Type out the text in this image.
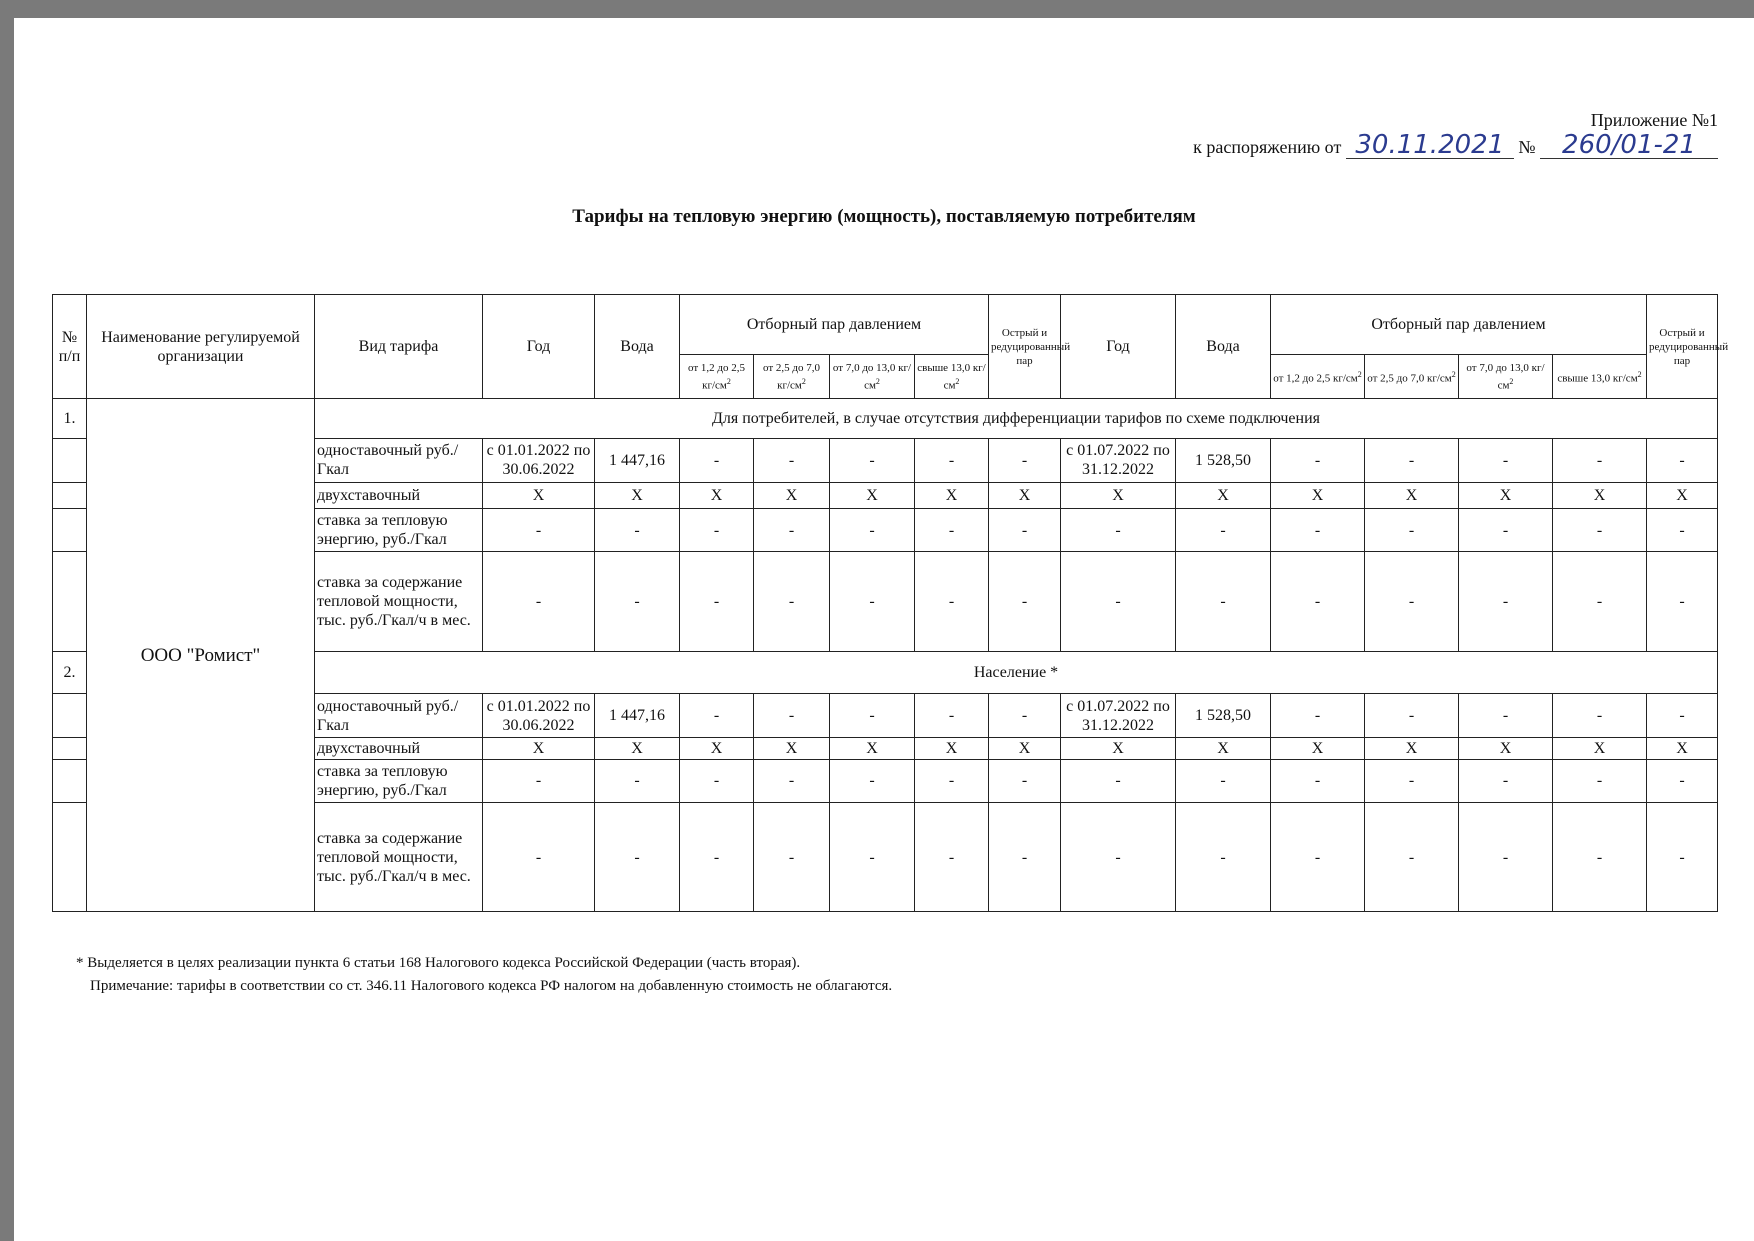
Приложение №1
к распоряжению от 30.11.2021 № 260/01-21
Тарифы на тепловую энергию (мощность), поставляемую потребителям
№ п/п	Наименование регулируемой организации	Вид тарифа	Год	Вода	Отборный пар давлением				Острый и редуцированный пар	Год	Вода	Отборный пар давлением				Острый и редуцированный пар
					от 1,2 до 2,5 $кг/см^2$	от 2,5 до 7,0 $кг/см^2$	от 7,0 до 13,0 $кг/см^2$	свыше 13,0 $кг/см^2$				от 1,2 до 2,5 $кг/см^2$	от 2,5 до 7,0 $кг/см^2$	от 7,0 до 13,0 $кг/см^2$	свыше 13,0 $кг/см^2$
1.	ООО "Ромист"	Для потребителей, в случае отсутствия дифференциации тарифов по схеме подключения														
		одноставочный руб./Гкал	с 01.01.2022 по 30.06.2022	1 447,16	-	-	-	-	-	с 01.07.2022 по 31.12.2022	1 528,50	-	-	-	-	-
		двухставочный	Х	Х	Х	Х	Х	Х	Х	Х	Х	Х	Х	Х	Х	Х
		ставка за тепловую энергию, руб./Гкал	-	-	-	-	-	-	-	-	-	-	-	-	-	-
		ставка за содержание тепловой мощности, тыс. руб./Гкал/ч в мес.	-	-	-	-	-	-	-	-	-	-	-	-	-	-
2.		Население *														
		одноставочный руб./Гкал	с 01.01.2022 по 30.06.2022	1 447,16	-	-	-	-	-	с 01.07.2022 по 31.12.2022	1 528,50	-	-	-	-	-
		двухставочный	Х	Х	Х	Х	Х	Х	Х	Х	Х	Х	Х	Х	Х	Х
		ставка за тепловую энергию, руб./Гкал	-	-	-	-	-	-	-	-	-	-	-	-	-	-
		ставка за содержание тепловой мощности, тыс. руб./Гкал/ч в мес.	-	-	-	-	-	-	-	-	-	-	-	-	-	-
* Выделяется в целях реализации пункта 6 статьи 168 Налогового кодекса Российской Федерации (часть вторая).
Примечание: тарифы в соответствии со ст. 346.11 Налогового кодекса РФ налогом на добавленную стоимость не облагаются.
